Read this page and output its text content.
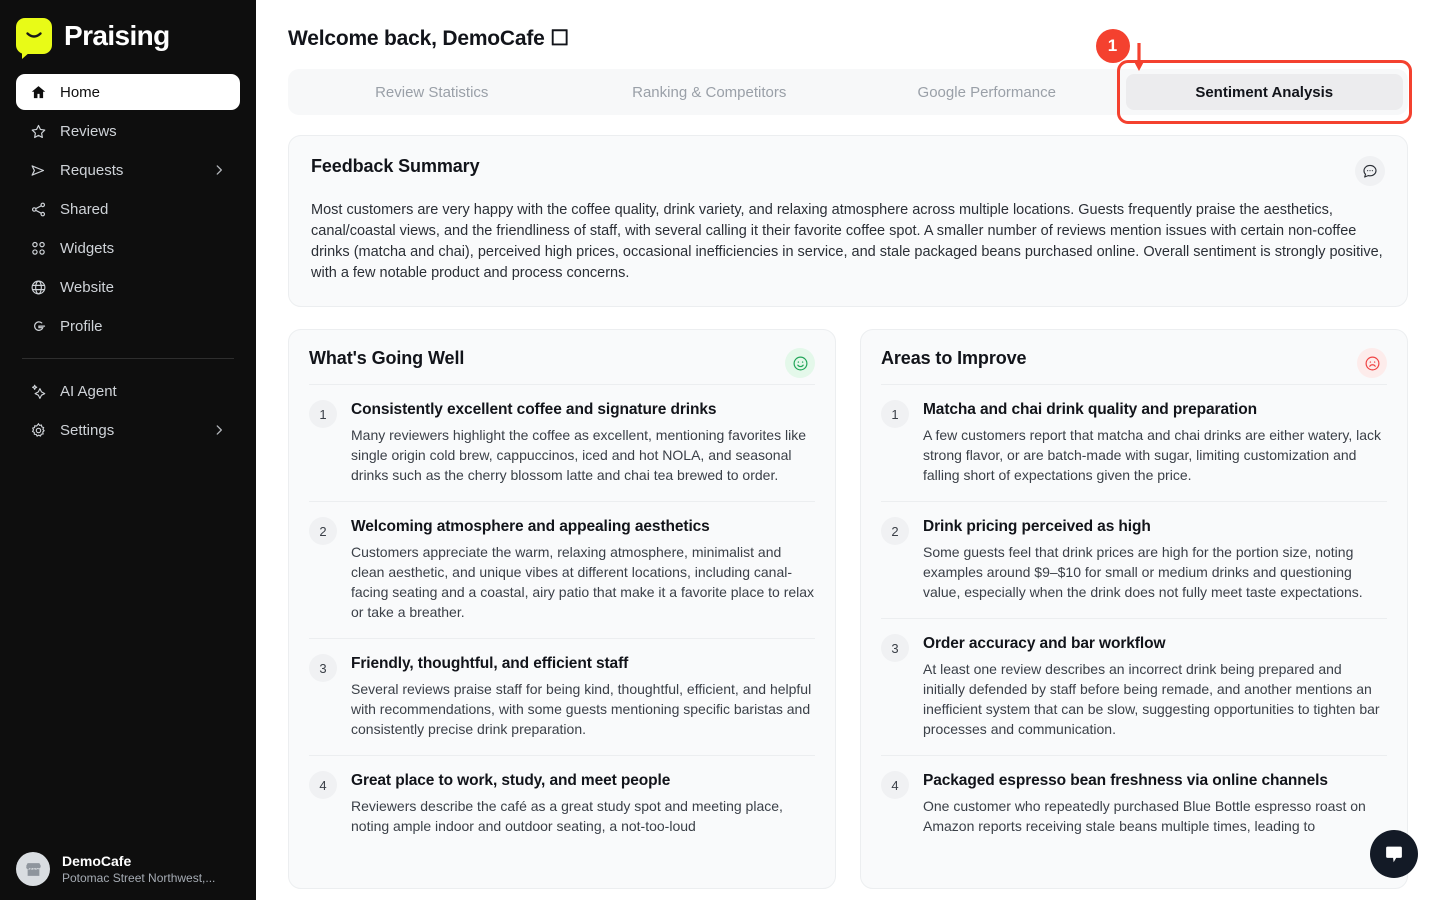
Praising
Home
Reviews
Requests
Shared
Widgets
Website
Profile
AI Agent
Settings
DemoCafe
Potomac Street Northwest,...
Welcome back, DemoCafe ☐
Review Statistics	Ranking & Competitors	Google Performance	Sentiment Analysis
1
Feedback Summary

Most customers are very happy with the coffee quality, drink variety, and relaxing atmosphere across multiple locations. Guests frequently praise the aesthetics, canal/coastal views, and the friendliness of staff, with several calling it their favorite coffee spot. A smaller number of reviews mention issues with certain non-coffee drinks (matcha and chai), perceived high prices, occasional inefficiencies in service, and stale packaged beans purchased online. Overall sentiment is strongly positive, with a few notable product and process concerns.

What's Going Well
1	Consistently excellent coffee and signature drinks
Many reviewers highlight the coffee as excellent, mentioning favorites like single origin cold brew, cappuccinos, iced and hot NOLA, and seasonal drinks such as the cherry blossom latte and chai tea brewed to order.
2	Welcoming atmosphere and appealing aesthetics
Customers appreciate the warm, relaxing atmosphere, minimalist and clean aesthetic, and unique vibes at different locations, including canal-facing seating and a coastal, airy patio that make it a favorite place to relax or take a breather.
3	Friendly, thoughtful, and efficient staff
Several reviews praise staff for being kind, thoughtful, efficient, and helpful with recommendations, with some guests mentioning specific baristas and consistently precise drink preparation.
4	Great place to work, study, and meet people
Reviewers describe the café as a great study spot and meeting place, noting ample indoor and outdoor seating, a not-too-loud
Areas to Improve
1	Matcha and chai drink quality and preparation
A few customers report that matcha and chai drinks are either watery, lack strong flavor, or are batch-made with sugar, limiting customization and falling short of expectations given the price.
2	Drink pricing perceived as high
Some guests feel that drink prices are high for the portion size, noting examples around $9–$10 for small or medium drinks and questioning value, especially when the drink does not fully meet taste expectations.
3	Order accuracy and bar workflow
At least one review describes an incorrect drink being prepared and initially defended by staff before being remade, and another mentions an inefficient system that can be slow, suggesting opportunities to tighten bar processes and communication.
4	Packaged espresso bean freshness via online channels
One customer who repeatedly purchased Blue Bottle espresso roast on Amazon reports receiving stale beans multiple times, leading to
